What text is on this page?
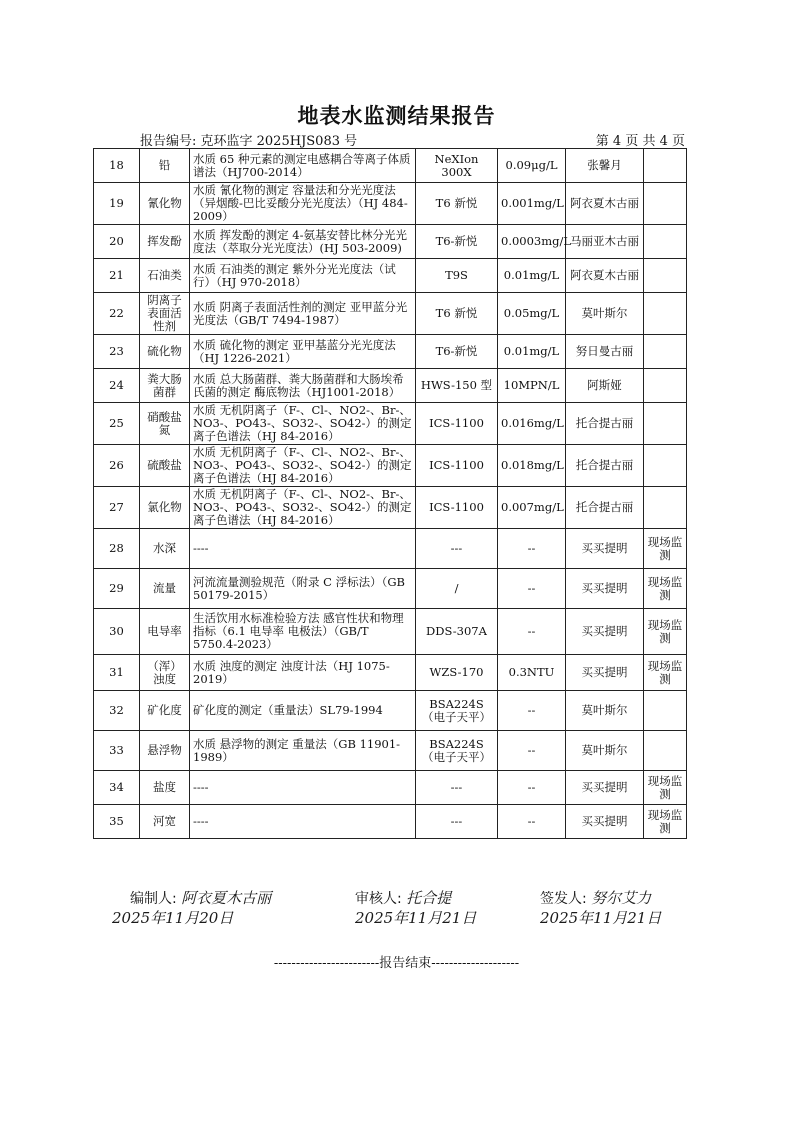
地表水监测结果报告
报告编号: 克环监字 2025HJS083 号	第 4 页 共 4 页
18	铅	水质 65 种元素的测定电感耦合等离子体质谱法（HJ700-2014）	NeXIon 300X	0.09μg/L	张馨月	
19	氰化物	水质 氰化物的测定 容量法和分光光度法（异烟酸-巴比妥酸分光光度法）（HJ 484-2009）	T6 新悦	0.001mg/L	阿衣夏木古丽	
20	挥发酚	水质 挥发酚的测定 4-氨基安替比林分光光度法（萃取分光光度法）(HJ 503-2009)	T6-新悦	0.0003mg/L	马丽亚木古丽	
21	石油类	水质 石油类的测定 紫外分光光度法（试行）（HJ 970-2018）	T9S	0.01mg/L	阿衣夏木古丽	
22	阴离子表面活性剂	水质 阴离子表面活性剂的测定 亚甲蓝分光光度法（GB/T 7494-1987）	T6 新悦	0.05mg/L	莫叶斯尔	
23	硫化物	水质 硫化物的测定 亚甲基蓝分光光度法（HJ 1226-2021）	T6-新悦	0.01mg/L	努日曼古丽	
24	粪大肠菌群	水质 总大肠菌群、粪大肠菌群和大肠埃希氏菌的测定 酶底物法（HJ1001-2018）	HWS-150 型	10MPN/L	阿斯娅	
25	硝酸盐氮	水质 无机阴离子（F-、Cl-、NO2-、Br-、NO3-、PO43-、SO32-、SO42-）的测定 离子色谱法（HJ 84-2016）	ICS-1100	0.016mg/L	托合提古丽	
26	硫酸盐	水质 无机阴离子（F-、Cl-、NO2-、Br-、NO3-、PO43-、SO32-、SO42-）的测定 离子色谱法（HJ 84-2016）	ICS-1100	0.018mg/L	托合提古丽	
27	氯化物	水质 无机阴离子（F-、Cl-、NO2-、Br-、NO3-、PO43-、SO32-、SO42-）的测定 离子色谱法（HJ 84-2016）	ICS-1100	0.007mg/L	托合提古丽	
28	水深	----	---	--	买买提明	现场监测
29	流量	河流流量测验规范（附录 C 浮标法）（GB 50179-2015）	/	--	买买提明	现场监测
30	电导率	生活饮用水标准检验方法 感官性状和物理指标（6.1 电导率 电极法）（GB/T 5750.4-2023）	DDS-307A	--	买买提明	现场监测
31	（浑）浊度	水质 浊度的测定 浊度计法（HJ 1075-2019）	WZS-170	0.3NTU	买买提明	现场监测
32	矿化度	矿化度的测定（重量法）SL79-1994	BSA224S（电子天平）	--	莫叶斯尔	
33	悬浮物	水质 悬浮物的测定 重量法（GB 11901-1989）	BSA224S（电子天平）	--	莫叶斯尔	
34	盐度	----	---	--	买买提明	现场监测
35	河宽	----	---	--	买买提明	现场监测
编制人: 阿衣夏木古丽
2025年11月20日
审核人: 托合提
2025年11月21日
签发人: 努尔艾力
2025年11月21日
------------------------报告结束--------------------
